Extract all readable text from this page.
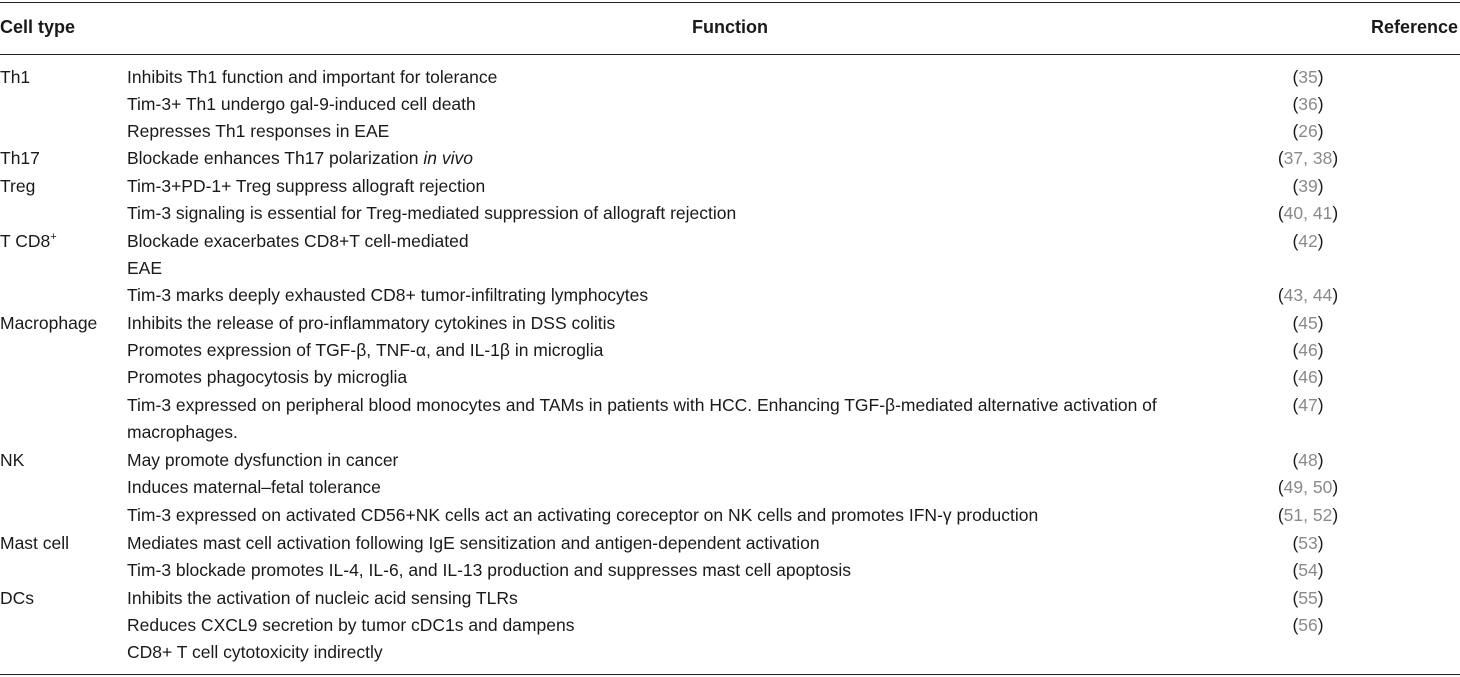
Cell type	Function	Reference
Th1	Inhibits Th1 function and important for tolerance	(35)
Tim-3+ Th1 undergo gal-9-induced cell death	(36)
Represses Th1 responses in EAE	(26)
Th17	Blockade enhances Th17 polarization in vivo	(37, 38)
Treg	Tim-3+PD-1+ Treg suppress allograft rejection	(39)
Tim-3 signaling is essential for Treg-mediated suppression of allograft rejection	(40, 41)
T CD8+	Blockade exacerbates CD8+T cell-mediated	(42)
EAE
Tim-3 marks deeply exhausted CD8+ tumor-infiltrating lymphocytes	(43, 44)
Macrophage Inhibits the release of pro-inflammatory cytokines in DSS colitis	(45)
Promotes expression of TGF-β, TNF-α, and IL-1β in microglia	(46)
Promotes phagocytosis by microglia	(46)
Tim-3 expressed on peripheral blood monocytes and TAMs in patients with HCC. Enhancing TGF-β-mediated alternative activation of	(47)
macrophages.
NK	May promote dysfunction in cancer	(48)
Induces maternal–fetal tolerance	(49, 50)
Tim-3 expressed on activated CD56+NK cells act an activating coreceptor on NK cells and promotes IFN-γ production	(51, 52)
Mast cell	Mediates mast cell activation following IgE sensitization and antigen-dependent activation	(53)
Tim-3 blockade promotes IL-4, IL-6, and IL-13 production and suppresses mast cell apoptosis	(54)
DCs	Inhibits the activation of nucleic acid sensing TLRs	(55)
Reduces CXCL9 secretion by tumor cDC1s and dampens	(56)
CD8+ T cell cytotoxicity indirectly
